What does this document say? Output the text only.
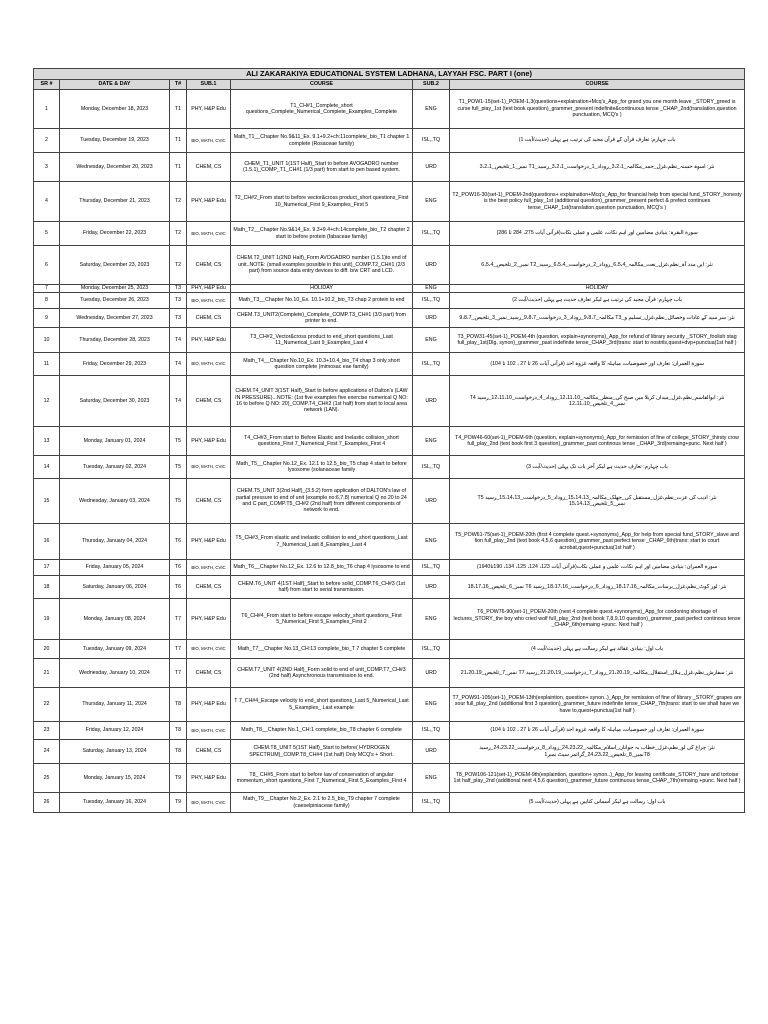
ALI ZAKARAKIYA EDUCATIONAL SYSTEM LADHANA, LAYYAH FSC. PART I (one)						
SR #	DATE & DAY	T#	SUB.1	COURSE	SUB.2	COURSE
1	Monday, December 18, 2023	T1	PHY, H&P Edu	T1_CH#1_Complete_short questions_Complete_Numerical_Complete_Examples_Complete	ENG	T1_POW1-15(set-1)_POEM-1,3(questions+explaination+Mcq's_App_for grand you one month leave _STORY_greed is curse full_play_1st (text book question)_grammer_present indefinite&continuous tense _CHAP_2nd(translation,question punctuation, MCQ's )
2	Tuesday, December 19, 2023	T1	BIO, MATH, CVIC	Math_T1__Chapter No.9&11_Ex. 9.1+9.2+ch:11complete_bio_T1 chapter 1 complete (Rosaceae family)	ISL,,TQ	باب چہارم: تعارف قرآن کے قرآن مجید کی ترتیب ہے پہلی (حدیث/آیت 1)
3	Wednesday, December 20, 2023	T1	CHEM, CS	CHEM_T1_UNIT 1(1ST Half)_Start to before AVOGADRO number (1.5.1)_COMP_T1_CH#1 (1/3 part) from start to pen based system.	URD	نثر: اسوہ حسنہ_نظم،غزل_حمد_مکالمہ_3،2،1_روداد_1_درخواست_3،2،1_رسید_T1 نمبر_1_تلخیص_3،2،1
4	Thursday, December 21, 2023	T2	PHY, H&P Edu	T2_CH#2_From start to before vector&cross product_short questions_First 10_Numerical_First 9_Examples_First 5	ENG	T2_POW16-30(set-1)_POEM-2nd(questions+ explaination+Mcq's_App_for financial help from special fund_STORY_honesty is the best policy full_play_1st (additional question)_grammer_present perfect & prefect continues tense_CHAP_1st(translation,question punctuation, MCQ's )
5	Friday, December 22, 2023	T2	BIO, MATH, CVIC	Math_T2__Chapter No.9&14_Ex. 9.3+9.4+ch:14complete_bio_T2 chapter 2 start to before protein (fabaceae family)	ISL,,TQ	سورة البقرہ: بنیادی مضامین اور اہم نکات، علمی و عملی نکات(قرآنی آیات 275، 284 تا 286)
6	Saturday, December 23, 2023	T2	CHEM, CS	CHEM.T2_UNIT 1(2ND Half)_Form AVOGADRO number (1.5.1)to end of unit..NOTE: (small examples possible in this unit)_COMP.T2_CH#1 (2/3 part) from source data entry devices to diff. b/w CRT and LCD.	URD	نثر: ایں مدد آہ_نظم،غزل_نعت_مکالمہ_6،5،4_روداد_2_درخواست_6،5،4_رسید_T2 نمبر_2_تلخیص_6،5،4
7	Monday, December 25, 2023	T3	PHY, H&P Edu	HOLIDAY	ENG	HOLIDAY
8	Tuesday, December 26, 2023	T3	BIO, MATH, CVIC	Math_T3__Chapter No.10_Ex. 10.1+10.2_bio_T3 chap 2 protein to end	ISL,,TQ	باب چہارم: قرآن مجید کی ترتیب ہے لیکر تعارف حدیث ہے پہلی (حدیث/آیت 2)
9	Wednesday, December 27, 2023	T3	CHEM, CS	CHEM.T3_UNIT2(Complete)_Complete_COMP.T3_CH#1 (3/3 part) from printer to end.	URD	نثر: سر سید کے عادات وخصائل_نظم،غزل_تسلیم و_T3 مکالمہ_9،8،7_روداد_3_درخواست_9،8،7_رسید_نمبر_3_تلخیص_9،8،7
10	Thursday, December 28, 2023	T4	PHY, H&P Edu	T3_CH#2_Vector&cross product to end_short questions_Last 11_Numerical_Last 9_Examples_Last 4	ENG	T3_POW31-45(set-1)_POEM-4th (question, explain+synonyms)_App_for refund of library security _STORY_foolish stag full_play_1st(Dlg, synon)_grammer_past indefinite tense_CHAP_3rd(trans: start to nostrils,quest+dvp+punctua(1st half )
11	Friday, December 29, 2023	T4	BIO, MATH, CVIC	Math_T4__Chapter No.10_Ex. 10.3+10.4_bio_T4 chap 3 only short question complete (mimosac eae family)	ISL,,TQ	سورة العمران: تعارف اور خصوصیات، مباہلہ کا واقعہ غزوہ احد (قرآنی آیات 26 تا 27 ، 102 تا 104)
12	Saturday, December 30, 2023	T4	CHEM, CS	CHEM.T4_UNIT 3(1ST Half)_Start to before applications of Dalton's (LAW IN PRESSURE)...NOTE: (1st five examples five exercise numerical Q NO: 16 to before Q NO: 20)_COMP.T4_CH#2 (1st half) from start to local area network (LAN).	URD	نثر: ابوالقاسم_نظم،غزل_میدان کربلا میں صبح کی_منظر_مکالمہ_12،11،10_روداد_4_درخواست_12،11،10_رسید T4 نمبر_4_تلخیص_12،11،10
13	Monday, January 01, 2024	T5	PHY, H&P Edu	T4_CH#3_From start to Before Elastic and Inelastic collision_short questions_First 7_Numerical_First 7_Examples_First 4	ENG	T4_POW46-60(set-1)_POEM-6th (question, explain+synonyms)_App_for remission of fine of college_STORY_thirsty crow full_play_2nd (text book first 3 question)_grammer_past continous tense _CHAP_3rd(remaing+punc. Next half )
14	Tuesday, January 02, 2024	T5	BIO, MATH, CVIC	Math_T5__Chapter No.12_Ex. 12.1 to 12.5_bio_T5 chap 4 start to before lysosome (solanaceae family	ISL,,TQ	باب چہارم: تعارف حدیث ہے لیکر آخر باب تک پہلی (حدیث/آیت 3)
15	Wednesday, January 03, 2024	T5	CHEM, CS	CHEM.T5_UNIT 3(2nd Half)_(3.5.2) form application of DALTON's law of partial pressure to end of unit (example no:6,7,8) numerical Q no 20 to 24 and C part_COMP.T5_CH#2 (2nd half) from different components of network to end.	URD	نثر: ادیب کی عزت_نظم،غزل_مستقبل کی_جھلک_مکالمہ_15،14،13_روداد_5_درخواست_15،14،13_رسید T5 نمبر_5_تلخیص_15،14،13
16	Thursday, January 04, 2024	T6	PHY, H&P Edu	T5_CH#3_From elastic and inelastic collision to end_short questions_Last 7_Numerical_Last 8_Examples_Last 4	ENG	T5_POW61-75(set-1)_POEM-20th (first 4 complete quest.+synonyms)_App_for help from special fund_STORY_slave and lion full_play_2nd (text book 4,5,6 question)_grammer_past perfect tense _CHAP_6th(trans: start to court acrobat,quest+punctua(1st half )
17	Friday, January 05, 2024	T6	BIO, MATH, CVIC	Math_T6__Chapter No.12_Ex. 12.6 to 12.8_bio_T6 chap 4 lysosome to end	ISL,,TQ	سورة العمران: بنیادی مضامین اور اہم نکات، علمی و عملی نکات(قرآنی آیات 123، 124، 125، 134، 190تا1940)
18	Saturday, January 06, 2024	T6	CHEM, CS	CHEM.T6_UNIT 4(1ST Half)_Start to before solid_COMP.T6_CH#3 (1st half) from start to serial transmission.	URD	نثر: لور کوٹ_نظم،غزل_برسات_مکالمہ_18،17،16_روداد_6_درخواست_18،17،16_رسید T6 نمبر_6_تلخیص_18،17،16
19	Monday, January 08, 2024	T7	PHY, H&P Edu	T6_CH#4_From start to before escape velocity_short questions_First 5_Numerical_First 5_Examples_First 2	ENG	T6_POW76-90(set-1)_POEM-20th (next 4 complete quest.+synonyms)_App_for condoning shortage of lectures_STORY_the boy who cried wolf full_play_2nd (text book 7,8,9,10 question)_grammer_past perfect continous tense _CHAP_6th(remaing +punc. Next half )
20	Tuesday, January 09, 2024	T7	BIO, MATH, CVIC	Math_T7__Chapter No.13_CH:13 complete_bio_T 7 chapter 5 complete	ISL,,TQ	باب اول: بنیادی عقائد ہے لیکر رسالت ہے پہلی (حدیث/آیت 4)
21	Wednesday, January 10, 2024	T7	CHEM, CS	CHEM.T7_UNIT 4(2ND Half)_Form solid to end of unit_COMP.T7_CH#3 (2nd half) Asynchronous transmission to end.	URD	نثر: سفارش_نظم،غزل_ہلال_استقلال_مکالمہ_21،20،19_روداد_7_درخواست_21،20،19_رسید T7 نمبر_7_تلخیص_21،20،19
22	Thursday, January 11, 2024	T8	PHY, H&P Edu	T 7_CH#4_Escape velocity to end_short questions_Last 5_Numerical_Last 5_Examples_ Last example	ENG	T7_POW91-105(set-1)_POEM-13th(explaintion, question+ synon..)_App_for remission of fine of library _STORY_grapes are sour full_play_2nd (additional first 3 question)_grammer_future indefinite tense_CHAP_7th(trans: start to we shall have we have to,quest+punctua(1st half )
23	Friday, January 12, 2024	T8	BIO, MATH, CVIC	Math_T8__Chapter No.1_CH:1 complete_bio_T8 chapter 6 complete	ISL,,TQ	سورة العمران: تعارف اور خصوصیات، مباہلہ کا واقعہ غزوہ احد (قرآنی آیات 26 تا 27 ، 102 تا 104)
24	Saturday, January 13, 2024	T8	CHEM, CS	CHEM.T8_UNIT 5(1ST Half)_Start to before( HYDROGEN SPECTRUM)_COMP.T8_CH#4 (1st half) Only MCQ's + Short.	URD	نثر: چراغ کی لو_نظم،غزل_خطاب بہ جوانان_اسلام_مکالمہ_24،23،22_روداد_8_درخواست_24،23،22_رسید T8نمبر_8_تلخیص_24،23،22_گرائمر سیٹ نمبر1
25	Monday, January 15, 2024	T9	PHY, H&P Edu	T8_ CH#5_From start to before law of conservation of angular momentum_short questions_First 7_Numerical_First 5_Examples_First 4	ENG	T8_POW106-121(set-1)_POEM-9th(explaintion, question+ synon..)_App_for leaving certificate_STORY_hare and tortoise 1st half_play_2nd (additional next 4,5,6 question)_grammer_future continuous tense_CHAP_7th(remaing +punc. Next half )
26	Tuesday, January 16, 2024	T9	BIO, MATH, CVIC	Math_T9__Chapter No.2_Ex. 2.1 to 2.5_bio_T9 chapter 7 complete (caeselpiniaceae family)	ISL,,TQ	باب اول: رسالت ہے لیکر آسمانی کتابیں ہے پہلی (حدیث/آیت 5)
